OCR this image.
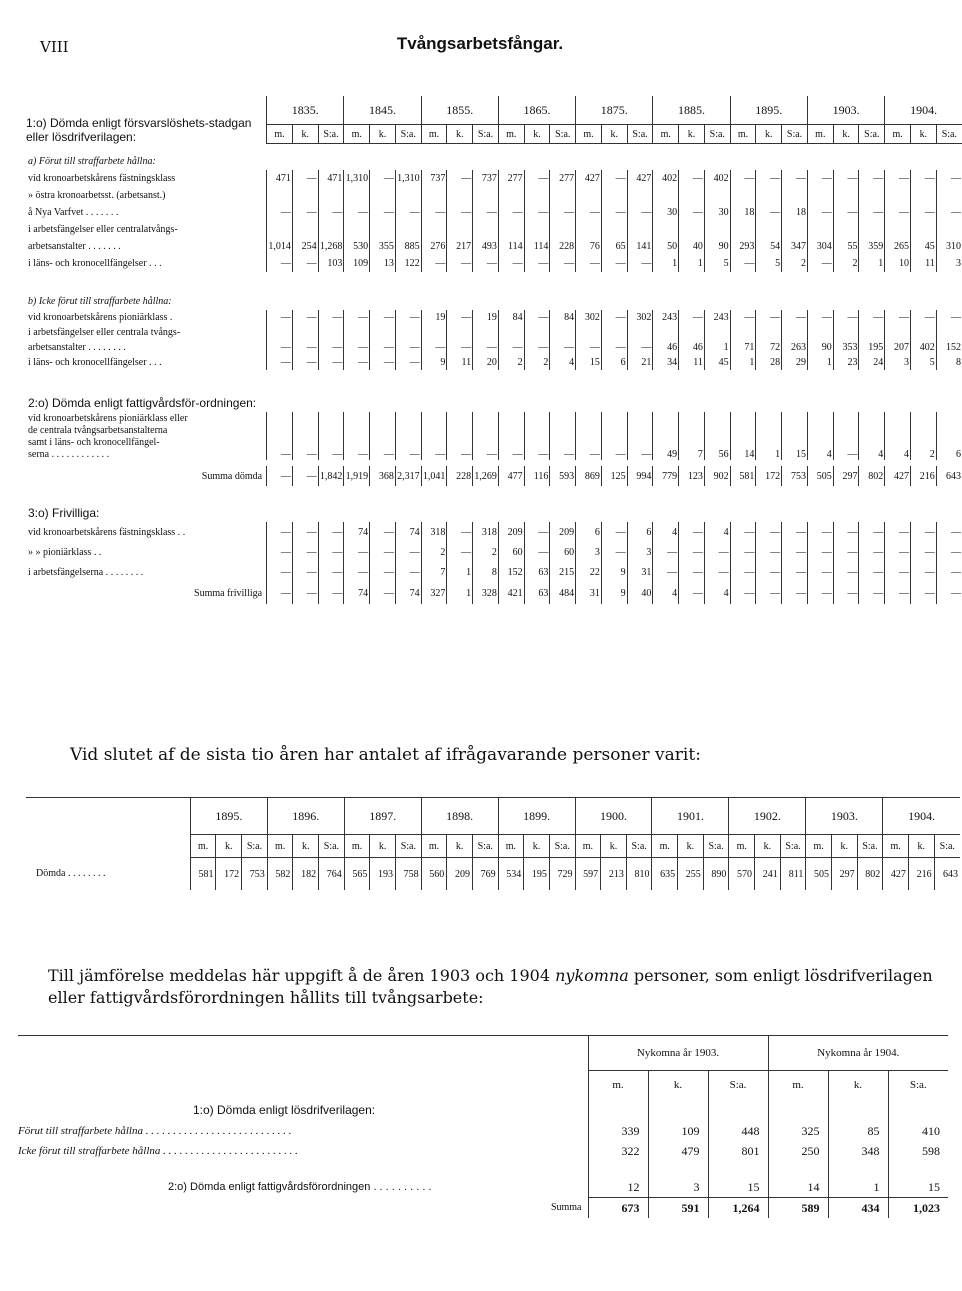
VIII	Tvångsarbetsfångar.
1:o) Dömda enligt försvarslöshets-stadgan eller lösdrifverilagen:	1835.			1845.			1855.			1865.			1875.			1885.			1895.			1903.			1904.		
	m.	k.	S:a.	m.	k.	S:a.	m.	k.	S:a.	m.	k.	S:a.	m.	k.	S:a.	m.	k.	S:a.	m.	k.	S:a.	m.	k.	S:a.	m.	k.	S:a.

a) Förut till straffarbete hållna:																											
vid kronoarbetskårens fästningsklass	471	—	471	1,310	—	1,310	737	—	737	277	—	277	427	—	427	402	—	402	—	—	—	—	—	—	—	—	—
» östra kronoarbetsst. (arbetsanst.)																											
å Nya Varfvet . . . . . . .	—	—	—	—	—	—	—	—	—	—	—	—	—	—	—	30	—	30	18	—	18	—	—	—	—	—	—
i arbetsfängelser eller centralatvångs-																											
arbetsanstalter . . . . . . .	1,014	254	1,268	530	355	885	276	217	493	114	114	228	76	65	141	50	40	90	293	54	347	304	55	359	265	45	310
i läns- och kronocellfängelser . . .	—	—	103	109	13	122	—	—	—	—	—	—	—	—	—	1	1	5	—	5	2	—	2	1	10	11	3

b) Icke förut till straffarbete hållna:																											
vid kronoarbetskårens pioniärklass .	—	—	—	—	—	—	19	—	19	84	—	84	302	—	302	243	—	243	—	—	—	—	—	—	—	—	—
i arbetsfängelser eller centrala tvångs-																											
arbetsanstalter . . . . . . . .	—	—	—	—	—	—	—	—	—	—	—	—	—	—	—	46	46	1	71	72	263	90	353	195	207	402	152
i läns- och kronocellfängelser . . .	—	—	—	—	—	—	9	11	20	2	2	4	15	6	21	34	11	45	1	28	29	1	23	24	3	5	8

2:o) Dömda enligt fattigvårdsför-ordningen:																											
vid kronoarbetskårens pioniärklass eller																											
de centrala tvångsarbetsanstalterna																											
samt i läns- och kronocellfängel-																											
serna . . . . . . . . . . . .	—	—	—	—	—	—	—	—	—	—	—	—	—	—	—	49	7	56	14	1	15	4	—	4	4	2	6

Summa dömda	—	—	1,842	1,919	368	2,317	1,041	228	1,269	477	116	593	869	125	994	779	123	902	581	172	753	505	297	802	427	216	643

3:o) Frivilliga:																											
vid kronoarbetskårens fästningsklass . .	—	—	—	74	—	74	318	—	318	209	—	209	6	—	6	4	—	4	—	—	—	—	—	—	—	—	—
» » pioniärklass . .	—	—	—	—	—	—	2	—	2	60	—	60	3	—	3	—	—	—	—	—	—	—	—	—	—	—	—
i arbetsfängelserna . . . . . . . .	—	—	—	—	—	—	7	1	8	152	63	215	22	9	31	—	—	—	—	—	—	—	—	—	—	—	—
Summa frivilliga	—	—	—	74	—	74	327	1	328	421	63	484	31	9	40	4	—	4	—	—	—	—	—	—	—	—	—
Vid slutet af de sista tio åren har antalet af ifrågavarande personer varit:
	1895.			1896.			1897.			1898.			1899.			1900.			1901.			1902.			1903.			1904.		
	m.	k.	S:a.	m.	k.	S:a.	m.	k.	S:a.	m.	k.	S:a.	m.	k.	S:a.	m.	k.	S:a.	m.	k.	S:a.	m.	k.	S:a.	m.	k.	S:a.	m.	k.	S:a.
Dömda . . . . . . . .	581	172	753	582	182	764	565	193	758	560	209	769	534	195	729	597	213	810	635	255	890	570	241	811	505	297	802	427	216	643
Till jämförelse meddelas här uppgift å de åren 1903 och 1904 nykomna personer, som enligt lösdrifverilagen eller fattigvårdsförordningen hållits till tvångsarbete:
	Nykomna år 1903.			Nykomna år 1904.		
	m.	k.	S:a.	m.	k.	S:a.
1:o) Dömda enligt lösdrifverilagen:						
Förut till straffarbete hållna . . . . . . . . . . . . . . . . . . . . . . . . . . .	339	109	448	325	85	410
Icke förut till straffarbete hållna . . . . . . . . . . . . . . . . . . . . . . . . .	322	479	801	250	348	598

2:o) Dömda enligt fattigvårdsförordningen . . . . . . . . . .	12	3	15	14	1	15
Summa	673	591	1,264	589	434	1,023
